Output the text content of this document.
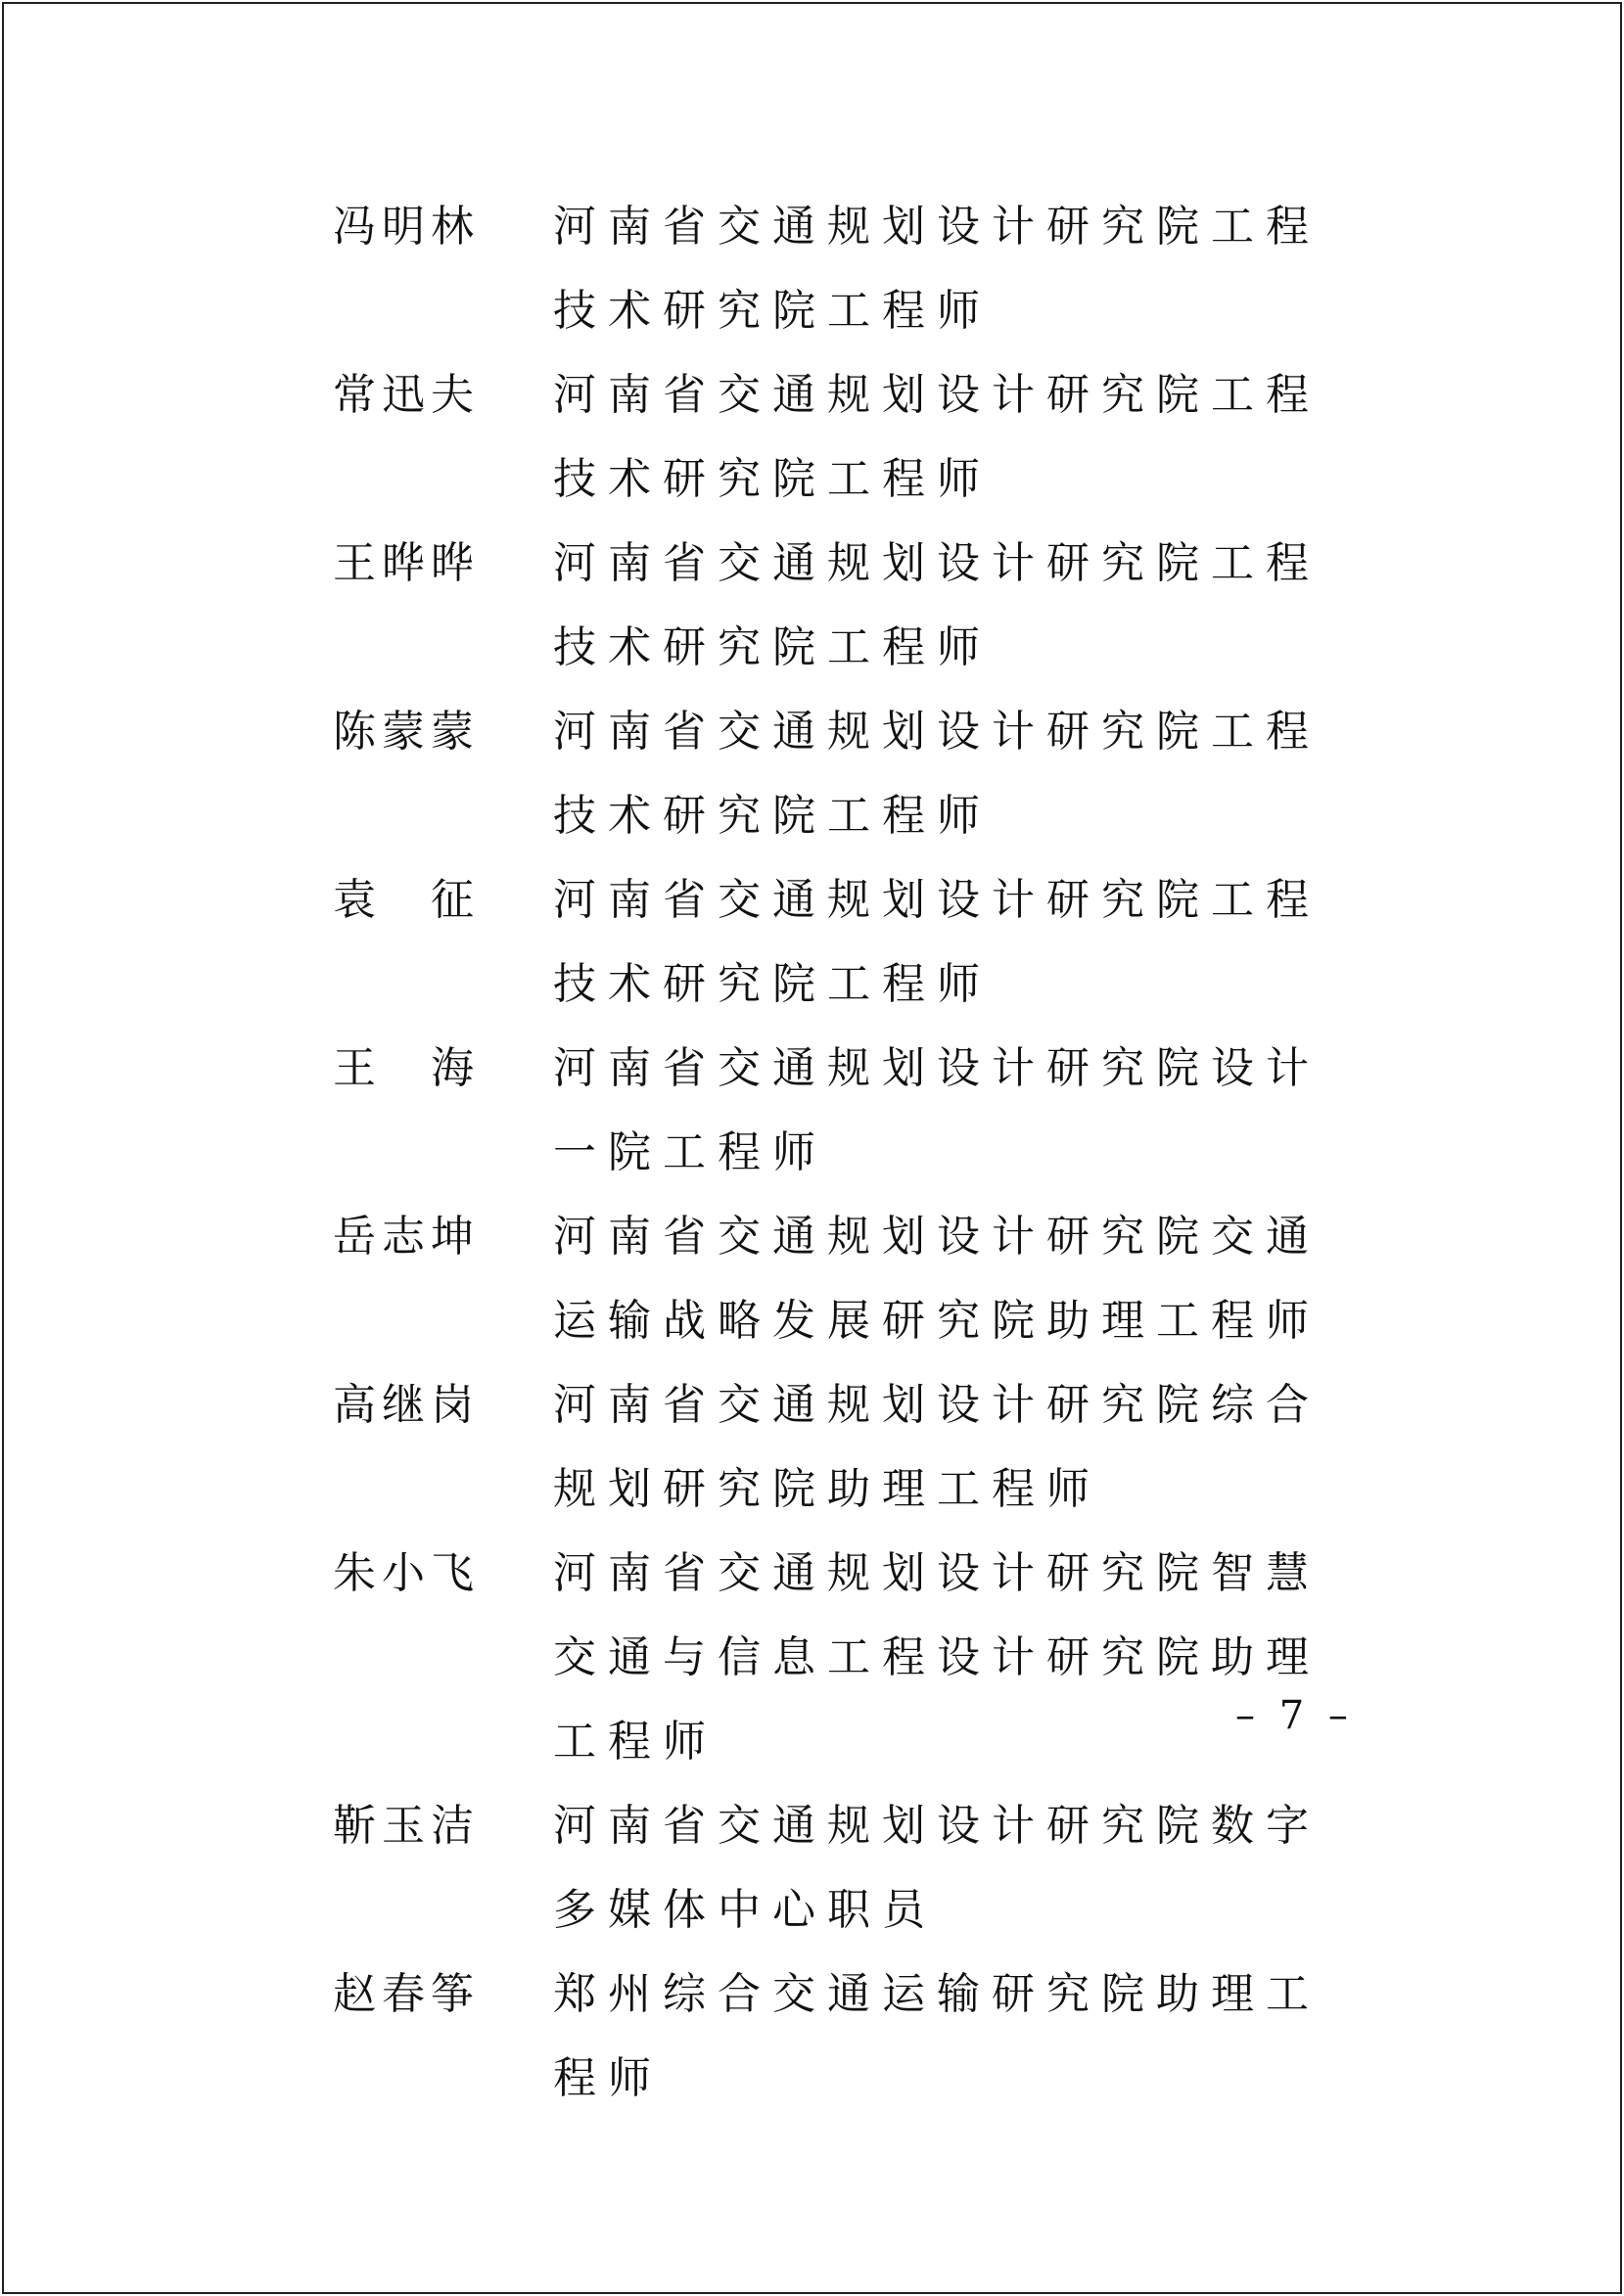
冯明林	河南省交通规划设计研究院工程技术研究院工程师
常迅夫	河南省交通规划设计研究院工程技术研究院工程师
王晔晔	河南省交通规划设计研究院工程技术研究院工程师
陈蒙蒙	河南省交通规划设计研究院工程技术研究院工程师
袁　征	河南省交通规划设计研究院工程技术研究院工程师
王　海	河南省交通规划设计研究院设计一院工程师
岳志坤	河南省交通规划设计研究院交通运输战略发展研究院助理工程师
高继岗	河南省交通规划设计研究院综合规划研究院助理工程师
朱小飞	河南省交通规划设计研究院智慧交通与信息工程设计研究院助理工程师
靳玉洁	河南省交通规划设计研究院数字多媒体中心职员
赵春筝	郑州综合交通运输研究院助理工程师
– 7 –
